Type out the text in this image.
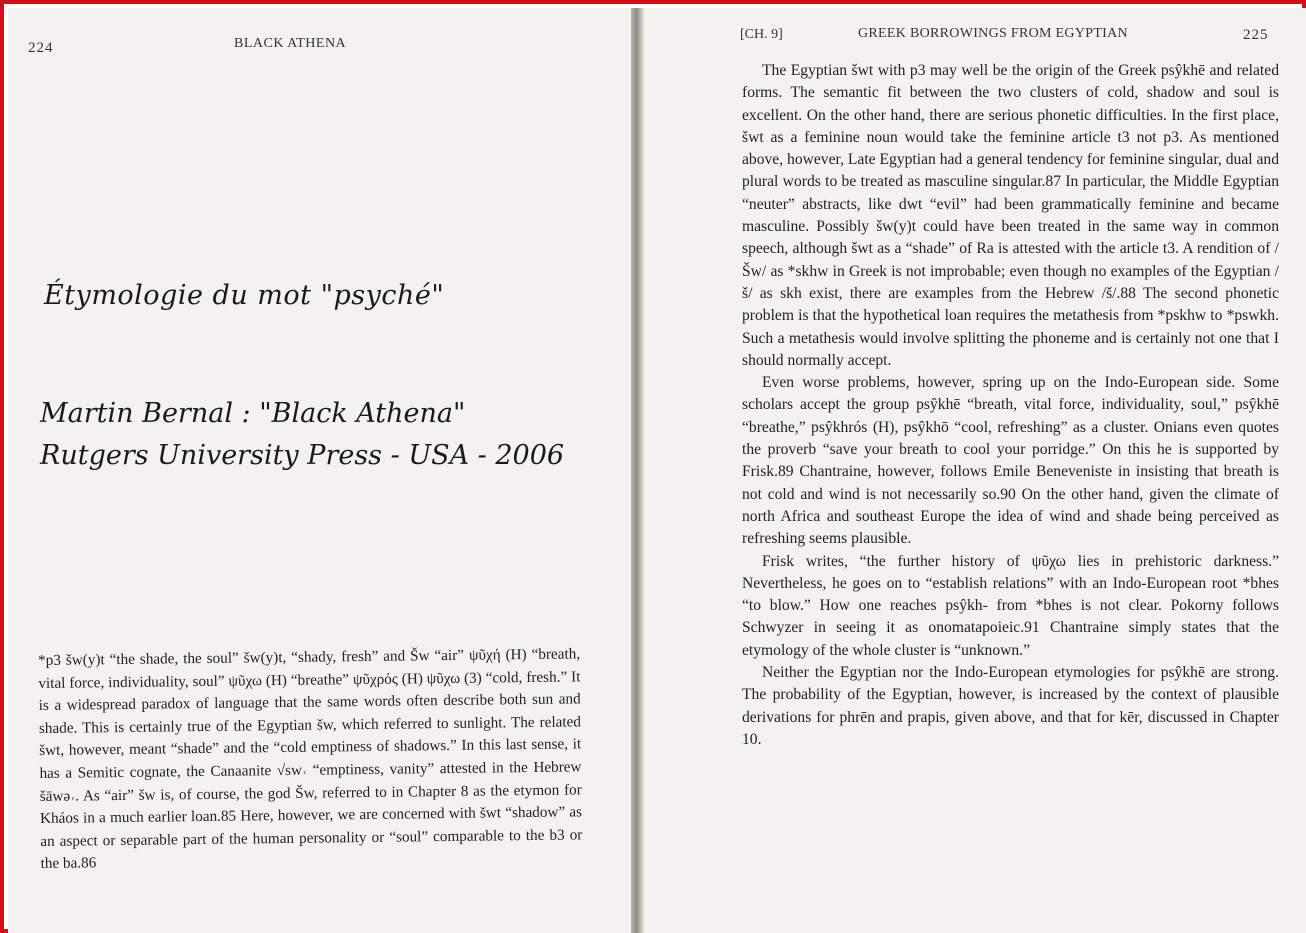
224	BLACK ATHENA
Étymologie du mot "psyché"
Martin Bernal : "Black Athena"
Rutgers University Press - USA - 2006

*p3 šw(y)t “the shade, the soul” šw(y)t, “shady, fresh” and Šw “air” ψῦχή (H) “breath, vital force, individuality, soul” ψῦχω (H) “breathe” ψῦχρός (H) ψῦχω (3) “cold, fresh.” It is a widespread paradox of language that the same words often describe both sun and shade. This is certainly true of the Egyptian šw, which referred to sunlight. The related šwt, however, meant “shade” and the “cold emptiness of shadows.” In this last sense, it has a Semitic cognate, the Canaanite √sw˒ “emptiness, vanity” attested in the Hebrew šāwə˒. As “air” šw is, of course, the god Šw, referred to in Chapter 8 as the etymon for Kháos in a much earlier loan.85 Here, however, we are concerned with šwt “shadow” as an aspect or separable part of the human personality or “soul” comparable to the b3 or the ba.86

[CH. 9]	GREEK BORROWINGS FROM EGYPTIAN	225

The Egyptian šwt with p3 may well be the origin of the Greek psŷkhē and related forms. The semantic fit between the two clusters of cold, shadow and soul is excellent. On the other hand, there are serious phonetic difficulties. In the first place, šwt as a feminine noun would take the feminine article t3 not p3. As mentioned above, however, Late Egyptian had a general tendency for feminine singular, dual and plural words to be treated as masculine singular.87 In particular, the Middle Egyptian “neuter” abstracts, like dwt “evil” had been grammatically feminine and became masculine. Possibly šw(y)t could have been treated in the same way in common speech, although šwt as a “shade” of Ra is attested with the article t3. A rendition of /Šw/ as *skhw in Greek is not improbable; even though no examples of the Egyptian /š/ as skh exist, there are examples from the Hebrew /š/.88 The second phonetic problem is that the hypothetical loan requires the metathesis from *pskhw to *pswkh. Such a metathesis would involve splitting the phoneme and is certainly not one that I should normally accept.

Even worse problems, however, spring up on the Indo-European side. Some scholars accept the group psŷkhē “breath, vital force, individuality, soul,” psŷkhē “breathe,” psŷkhrós (H), psŷkhō “cool, refreshing” as a cluster. Onians even quotes the proverb “save your breath to cool your porridge.” On this he is supported by Frisk.89 Chantraine, however, follows Emile Beneveniste in insisting that breath is not cold and wind is not necessarily so.90 On the other hand, given the climate of north Africa and southeast Europe the idea of wind and shade being perceived as refreshing seems plausible.

Frisk writes, “the further history of ψῦχω lies in prehistoric darkness.” Nevertheless, he goes on to “establish relations” with an Indo-European root *bhes “to blow.” How one reaches psŷkh- from *bhes is not clear. Pokorny follows Schwyzer in seeing it as onomatapoieic.91 Chantraine simply states that the etymology of the whole cluster is “unknown.”

Neither the Egyptian nor the Indo-European etymologies for psŷkhē are strong. The probability of the Egyptian, however, is increased by the context of plausible derivations for phrēn and prapis, given above, and that for kēr, discussed in Chapter 10.
